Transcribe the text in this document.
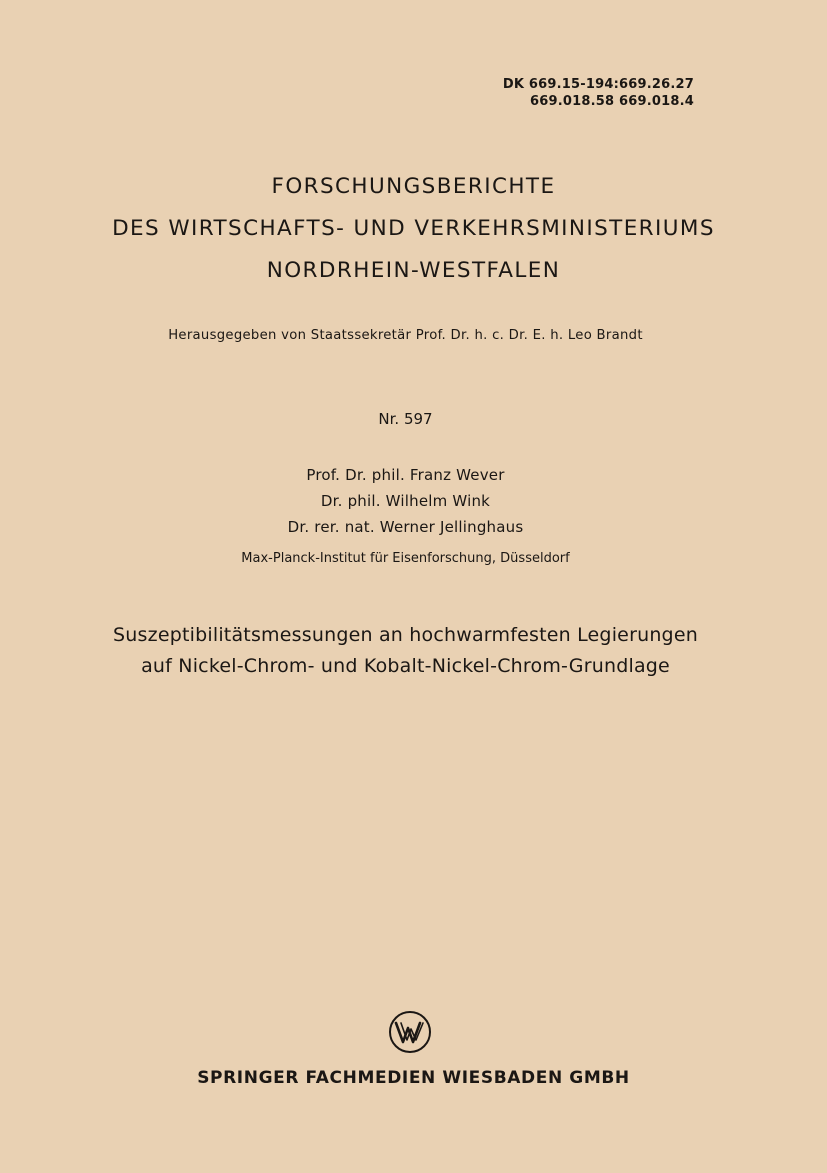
DK 669.15-194:669.26.27
669.018.58 669.018.4
FORSCHUNGSBERICHTE
DES WIRTSCHAFTS- UND VERKEHRSMINISTERIUMS
NORDRHEIN-WESTFALEN
Herausgegeben von Staatssekretär Prof. Dr. h. c. Dr. E. h. Leo Brandt
Nr. 597
Prof. Dr. phil. Franz Wever
Dr. phil. Wilhelm Wink
Dr. rer. nat. Werner Jellinghaus
Max-Planck-Institut für Eisenforschung, Düsseldorf
Suszeptibilitätsmessungen an hochwarmfesten Legierungen
auf Nickel-Chrom- und Kobalt-Nickel-Chrom-Grundlage
SPRINGER FACHMEDIEN WIESBADEN GMBH
